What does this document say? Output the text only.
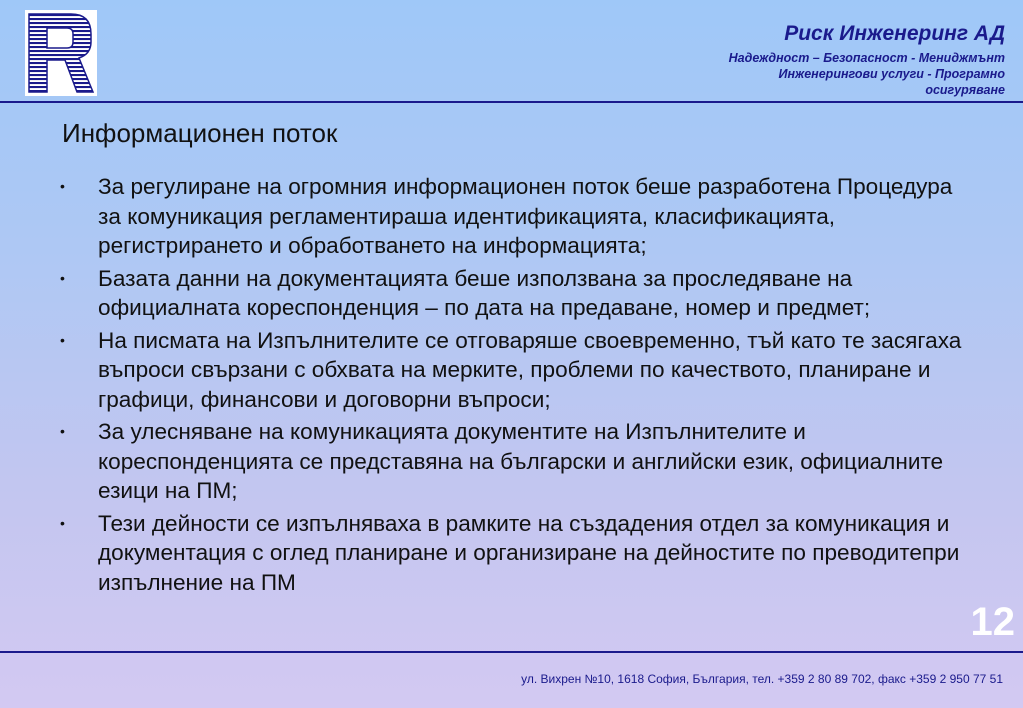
Риск Инженеринг АД
Надеждност – Безопасност - Мениджмънт
Инженерингови услуги - Програмно
осигуряване
Информационен поток
• За регулиране на огромния информационен поток беше разработена Процедура за комуникация регламентираша идентификацията, класификацията, регистрирането и обработването на информацията;
• Базата данни на документацията беше използвана за проследяване на официалната кореспонденция – по дата на предаване, номер и предмет;
• На писмата на Изпълнителите се отговаряше своевременно, тъй като те засягаха въпроси свързани с обхвата на мерките, проблеми по качеството, планиране и графици, финансови и договорни въпроси;
• За улесняване на комуникацията документите на Изпълнителите и кореспонденцията се представяна на български и английски език, официалните езици на ПМ;
• Тези дейности се изпълняваха в рамките на създадения отдел за комуникация и документация с оглед планиране и организиране на дейностите по преводитепри изпълнение на ПМ
12
ул. Вихрен №10, 1618 София, България, тел. +359 2 80 89 702, факс +359 2 950 77 51
